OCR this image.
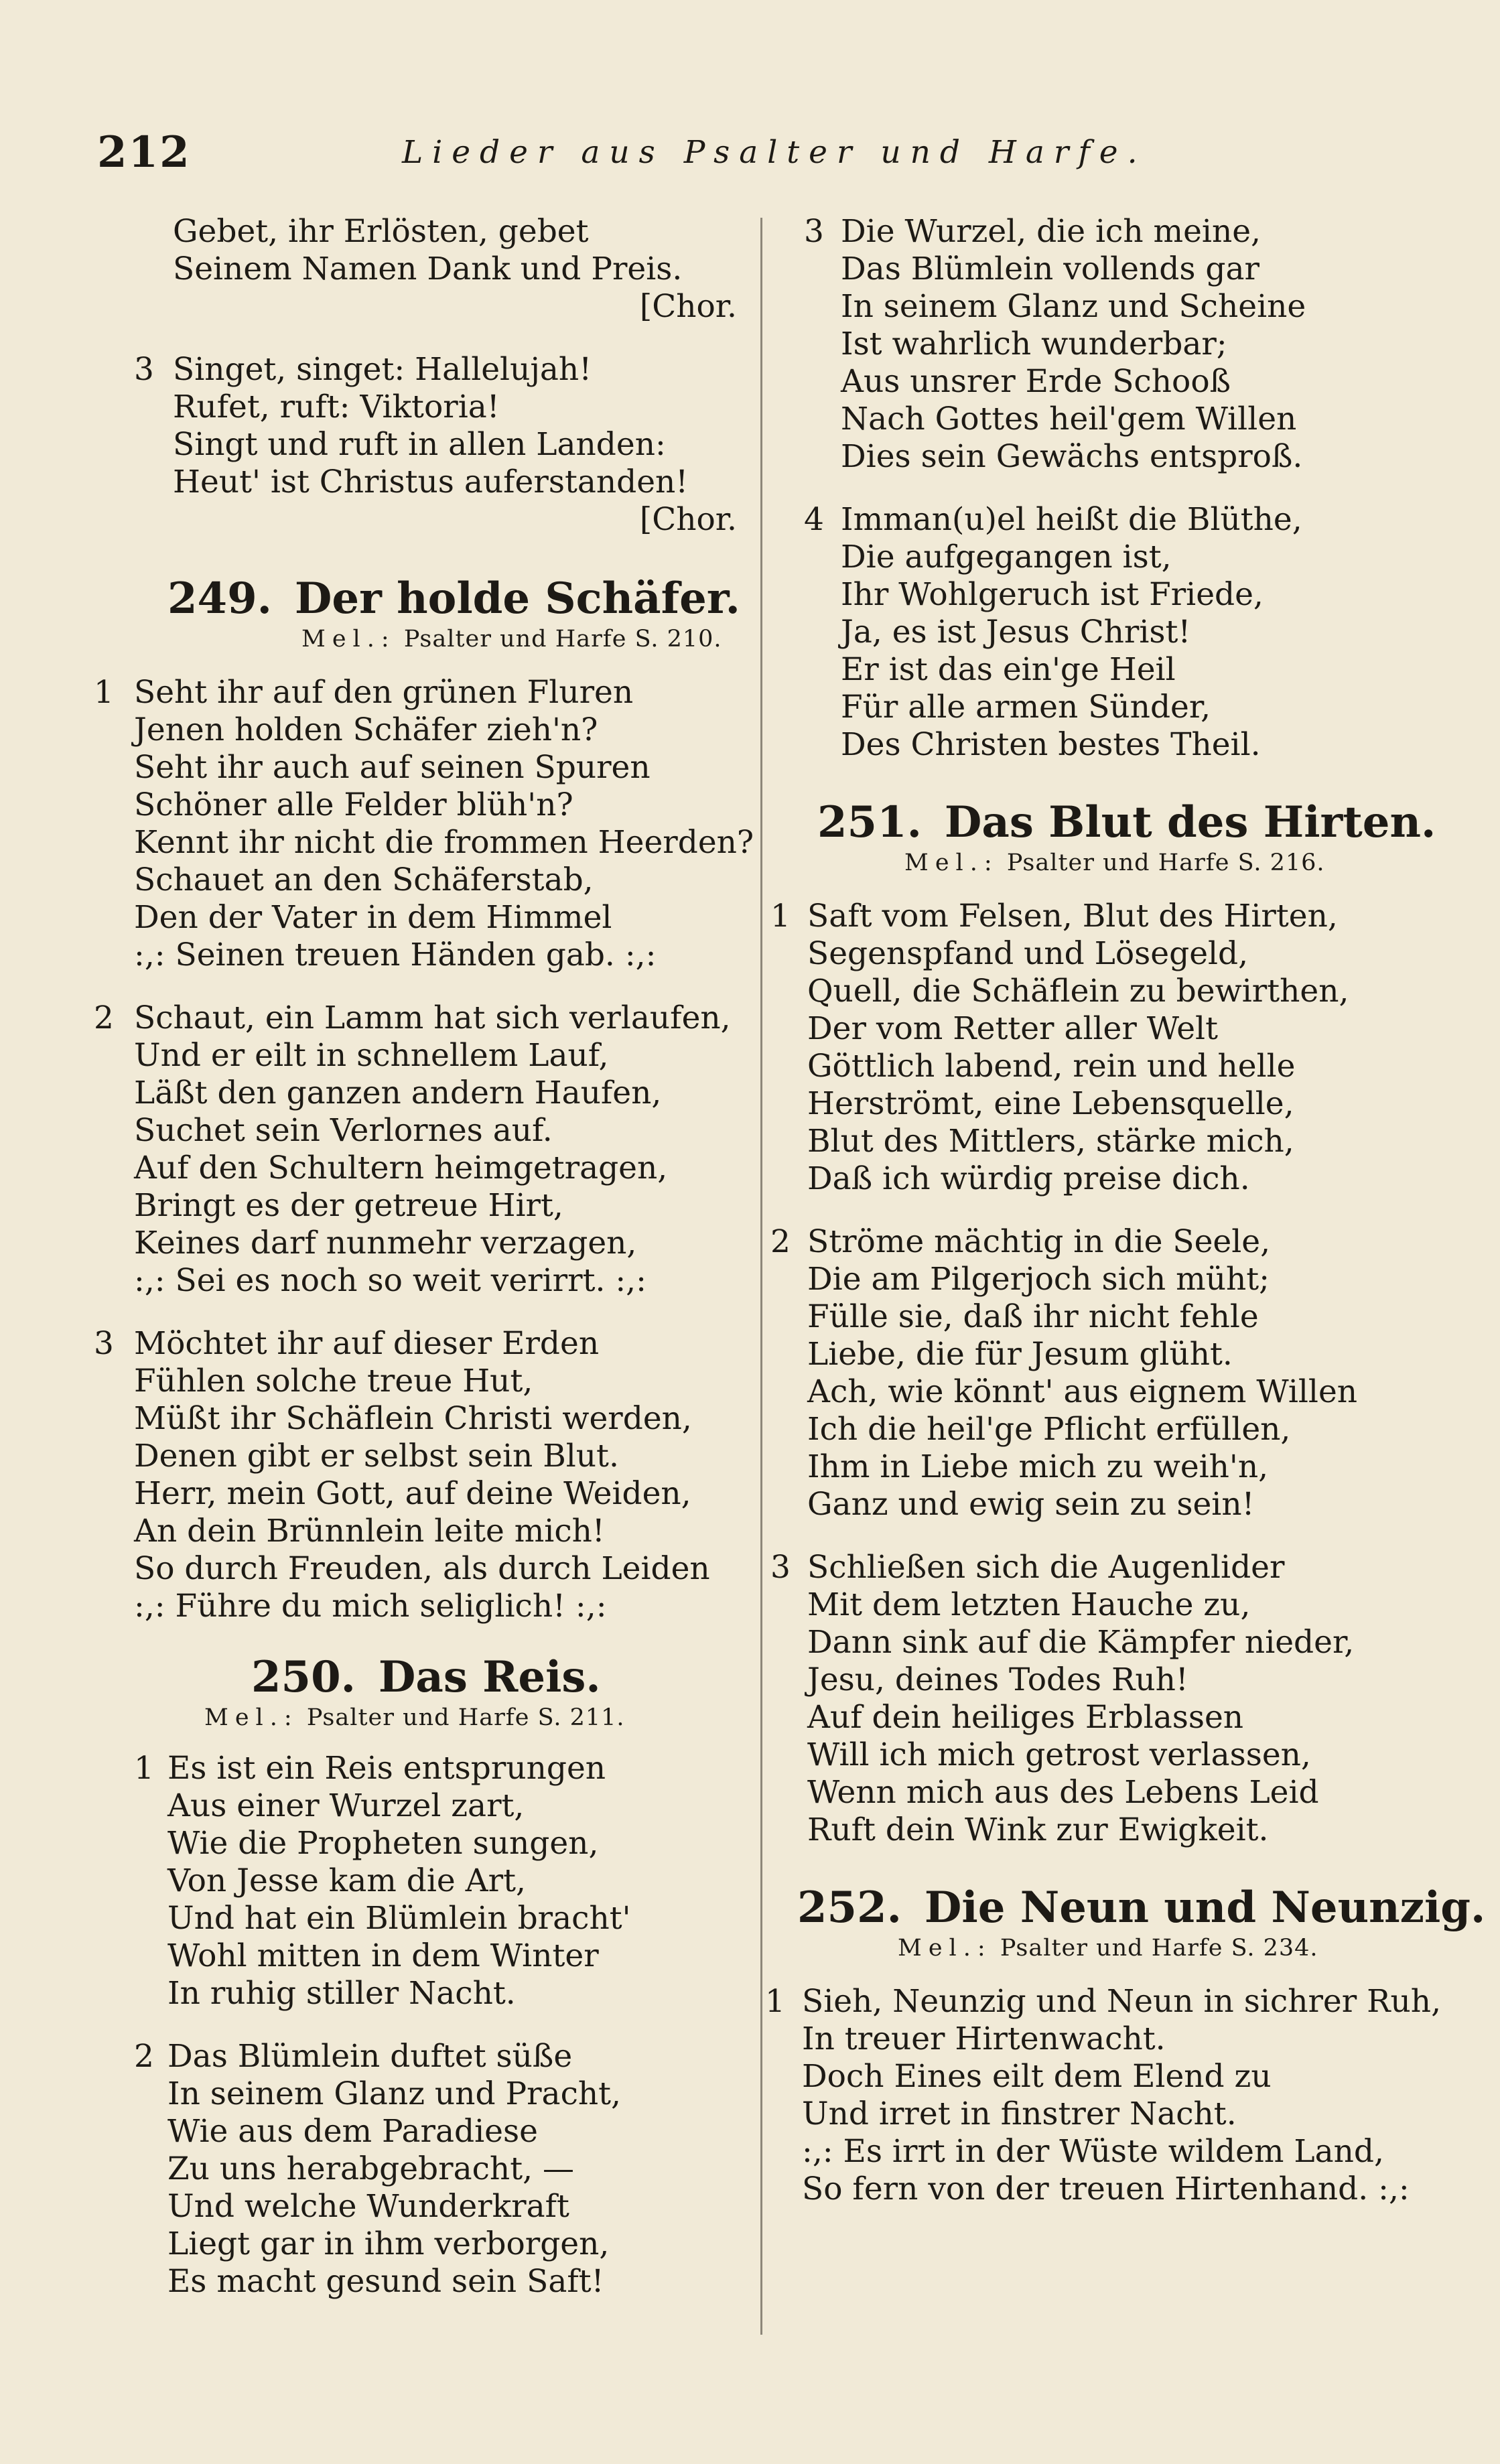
212	Lieder aus Psalter und Harfe.
Gebet, ihr Erlösten, gebet
Seinem Namen Dank und Preis.
[Chor.
3 Singet, singet: Hallelujah!
Rufet, ruft: Viktoria!
Singt und ruft in allen Landen:
Heut' ist Christus auferstanden!
[Chor.
249. Der holde Schäfer.
Mel.: Psalter und Harfe S. 210.
1 Seht ihr auf den grünen Fluren
Jenen holden Schäfer zieh'n?
Seht ihr auch auf seinen Spuren
Schöner alle Felder blüh'n?
Kennt ihr nicht die frommen Heerden?
Schauet an den Schäferstab,
Den der Vater in dem Himmel
:,: Seinen treuen Händen gab. :,:
2 Schaut, ein Lamm hat sich verlaufen,
Und er eilt in schnellem Lauf,
Läßt den ganzen andern Haufen,
Suchet sein Verlornes auf.
Auf den Schultern heimgetragen,
Bringt es der getreue Hirt,
Keines darf nunmehr verzagen,
:,: Sei es noch so weit verirrt. :,:
3 Möchtet ihr auf dieser Erden
Fühlen solche treue Hut,
Müßt ihr Schäflein Christi werden,
Denen gibt er selbst sein Blut.
Herr, mein Gott, auf deine Weiden,
An dein Brünnlein leite mich!
So durch Freuden, als durch Leiden
:,: Führe du mich seliglich! :,:
250. Das Reis.
Mel.: Psalter und Harfe S. 211.
1 Es ist ein Reis entsprungen
Aus einer Wurzel zart,
Wie die Propheten sungen,
Von Jesse kam die Art,
Und hat ein Blümlein bracht'
Wohl mitten in dem Winter
In ruhig stiller Nacht.
2 Das Blümlein duftet süße
In seinem Glanz und Pracht,
Wie aus dem Paradiese
Zu uns herabgebracht, —
Und welche Wunderkraft
Liegt gar in ihm verborgen,
Es macht gesund sein Saft!
3 Die Wurzel, die ich meine,
Das Blümlein vollends gar
In seinem Glanz und Scheine
Ist wahrlich wunderbar;
Aus unsrer Erde Schooß
Nach Gottes heil'gem Willen
Dies sein Gewächs entsproß.
4 Imman(u)el heißt die Blüthe,
Die aufgegangen ist,
Ihr Wohlgeruch ist Friede,
Ja, es ist Jesus Christ!
Er ist das ein'ge Heil
Für alle armen Sünder,
Des Christen bestes Theil.
251. Das Blut des Hirten.
Mel.: Psalter und Harfe S. 216.
1 Saft vom Felsen, Blut des Hirten,
Segenspfand und Lösegeld,
Quell, die Schäflein zu bewirthen,
Der vom Retter aller Welt
Göttlich labend, rein und helle
Herströmt, eine Lebensquelle,
Blut des Mittlers, stärke mich,
Daß ich würdig preise dich.
2 Ströme mächtig in die Seele,
Die am Pilgerjoch sich müht;
Fülle sie, daß ihr nicht fehle
Liebe, die für Jesum glüht.
Ach, wie könnt' aus eignem Willen
Ich die heil'ge Pflicht erfüllen,
Ihm in Liebe mich zu weih'n,
Ganz und ewig sein zu sein!
3 Schließen sich die Augenlider
Mit dem letzten Hauche zu,
Dann sink auf die Kämpfer nieder,
Jesu, deines Todes Ruh!
Auf dein heiliges Erblassen
Will ich mich getrost verlassen,
Wenn mich aus des Lebens Leid
Ruft dein Wink zur Ewigkeit.
252. Die Neun und Neunzig.
Mel.: Psalter und Harfe S. 234.
1 Sieh, Neunzig und Neun in sichrer Ruh,
In treuer Hirtenwacht.
Doch Eines eilt dem Elend zu
Und irret in finstrer Nacht.
:,: Es irrt in der Wüste wildem Land,
So fern von der treuen Hirtenhand. :,:
